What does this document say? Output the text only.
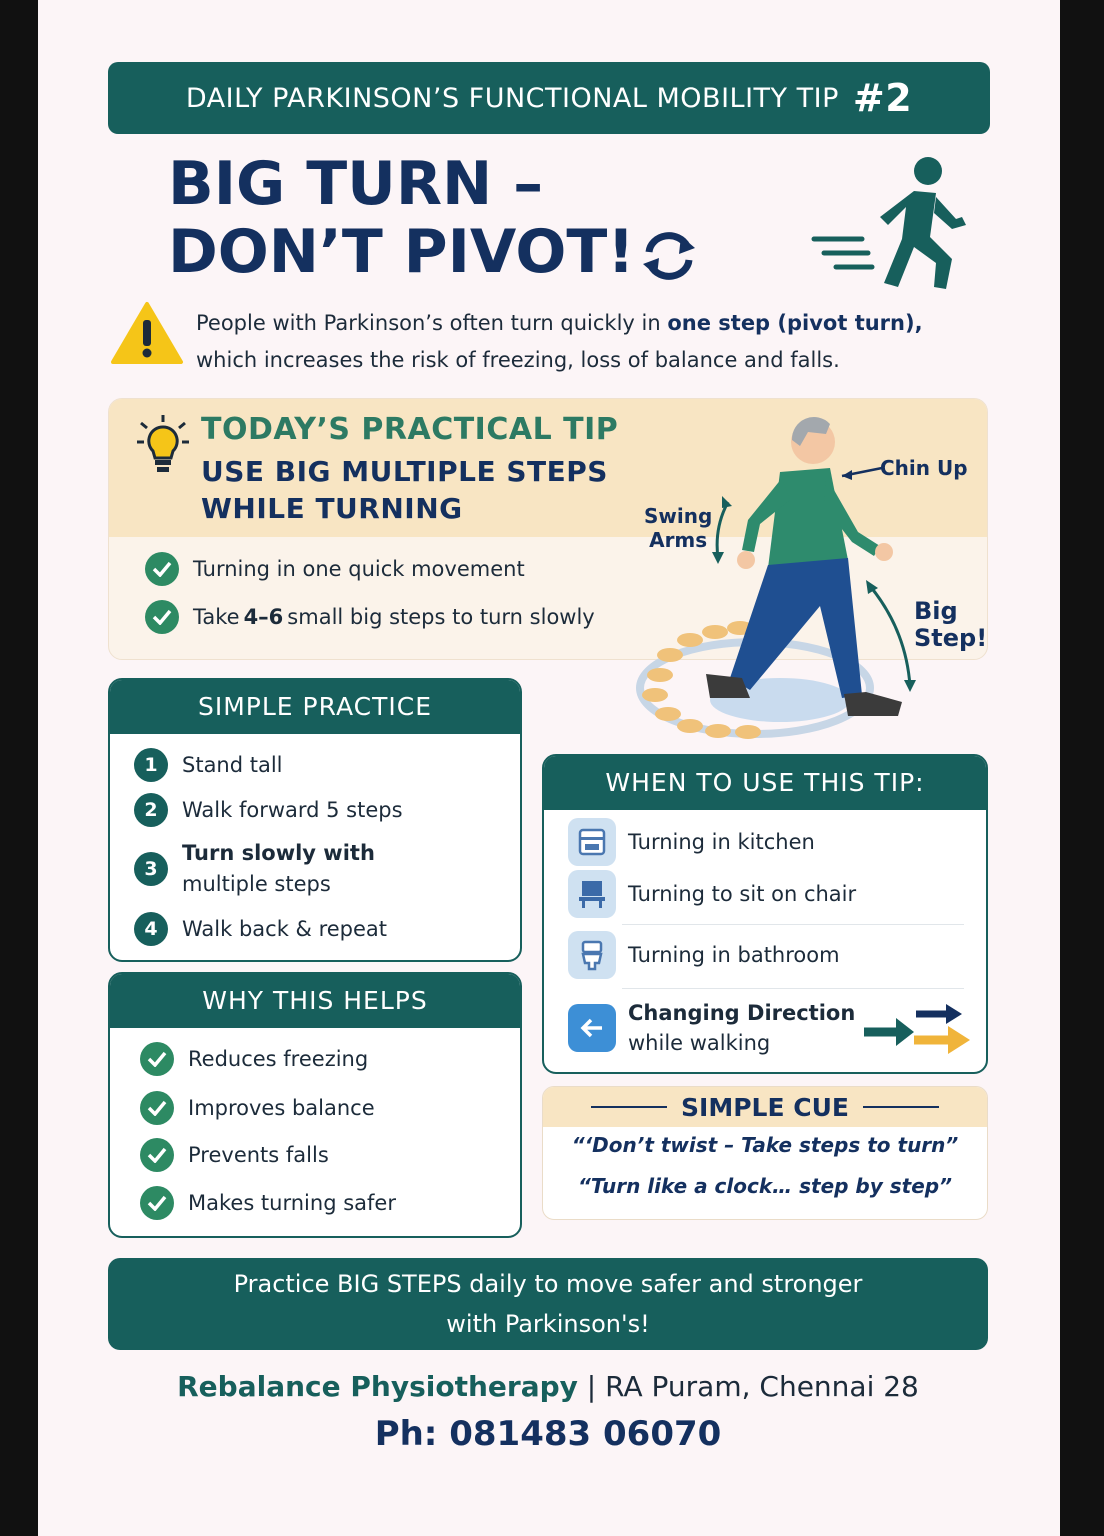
DAILY PARKINSON’S FUNCTIONAL MOBILITY TIP #2
BIG TURN –
DON’T PIVOT!
People with Parkinson’s often turn quickly in one step (pivot turn),
which increases the risk of freezing, loss of balance and falls.
TODAY’S PRACTICAL TIP
USE BIG MULTIPLE STEPS
WHILE TURNING
Turning in one quick movement
Take 4–6 small big steps to turn slowly
Chin Up
Swing
Arms
Big
Step!
SIMPLE PRACTICE
1	Stand tall
2	Walk forward 5 steps
3
Turn slowly with
multiple steps
4	Walk back & repeat
WHY THIS HELPS
Reduces freezing
Improves balance
Prevents falls
Makes turning safer
WHEN TO USE THIS TIP:
Turning in kitchen
Turning to sit on chair
Turning in bathroom
Changing Direction
while walking
SIMPLE CUE
“‘Don’t twist – Take steps to turn”
“Turn like a clock… step by step”
Practice BIG STEPS daily to move safer and stronger
with Parkinson's!
Rebalance Physiotherapy | RA Puram, Chennai 28
Ph: 081483 06070
